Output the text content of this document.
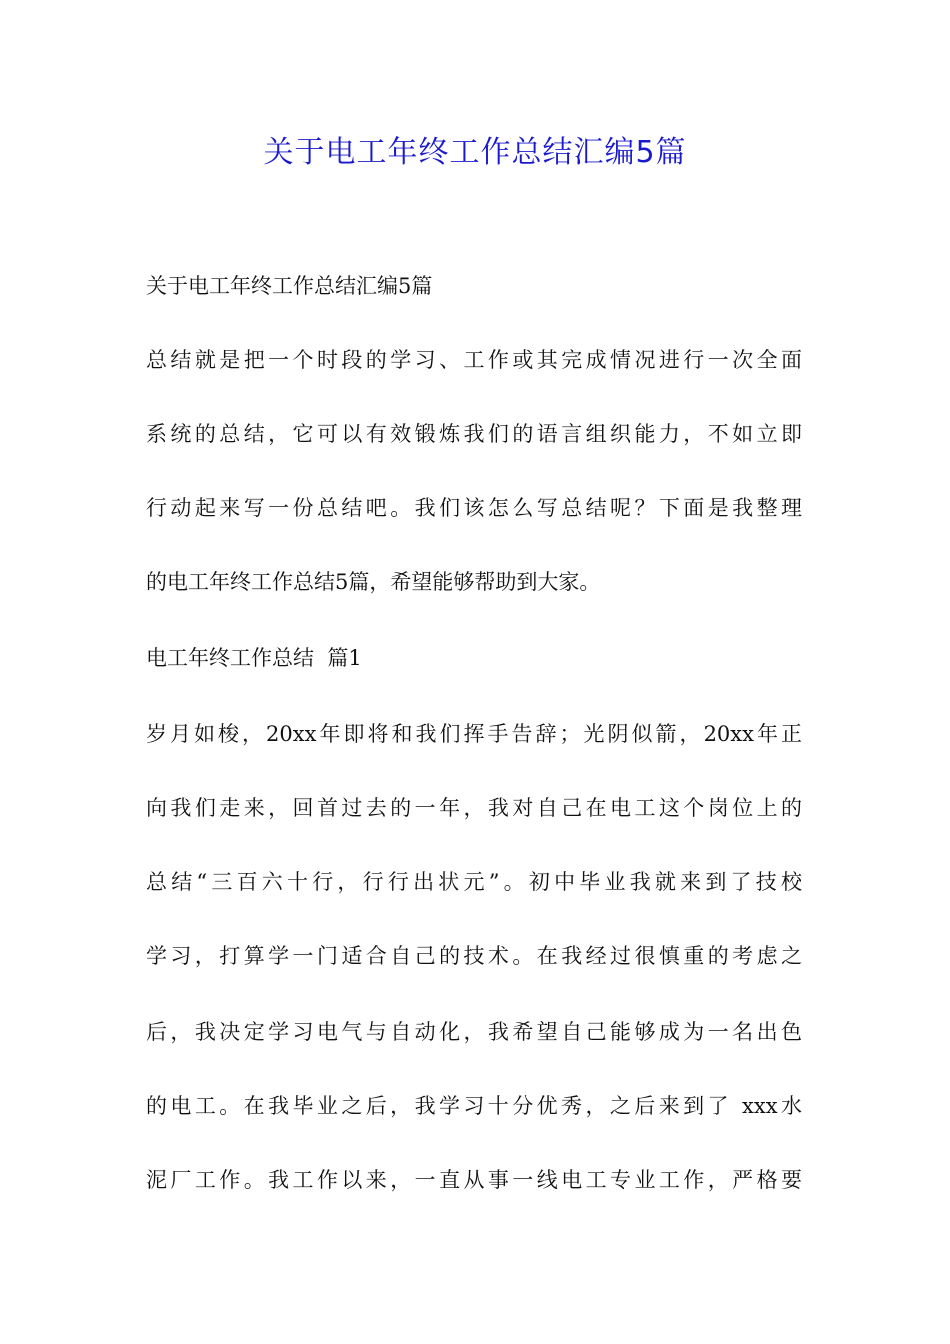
关于电工年终工作总结汇编5篇
关于电工年终工作总结汇编5篇
总结就是把一个时段的学习、工作或其完成情况进行一次全面
系统的总结，它可以有效锻炼我们的语言组织能力，不如立即
行动起来写一份总结吧。我们该怎么写总结呢？下面是我整理
的电工年终工作总结5篇，希望能够帮助到大家。
电工年终工作总结  篇1
岁月如梭，20xx年即将和我们挥手告辞；光阴似箭，20xx年正
向我们走来，回首过去的一年，我对自己在电工这个岗位上的
总结“三百六十行，行行出状元”。初中毕业我就来到了技校
学习，打算学一门适合自己的技术。在我经过很慎重的考虑之
后，我决定学习电气与自动化，我希望自己能够成为一名出色
的电工。在我毕业之后，我学习十分优秀，之后来到了 xxx水
泥厂工作。我工作以来，一直从事一线电工专业工作，严格要
